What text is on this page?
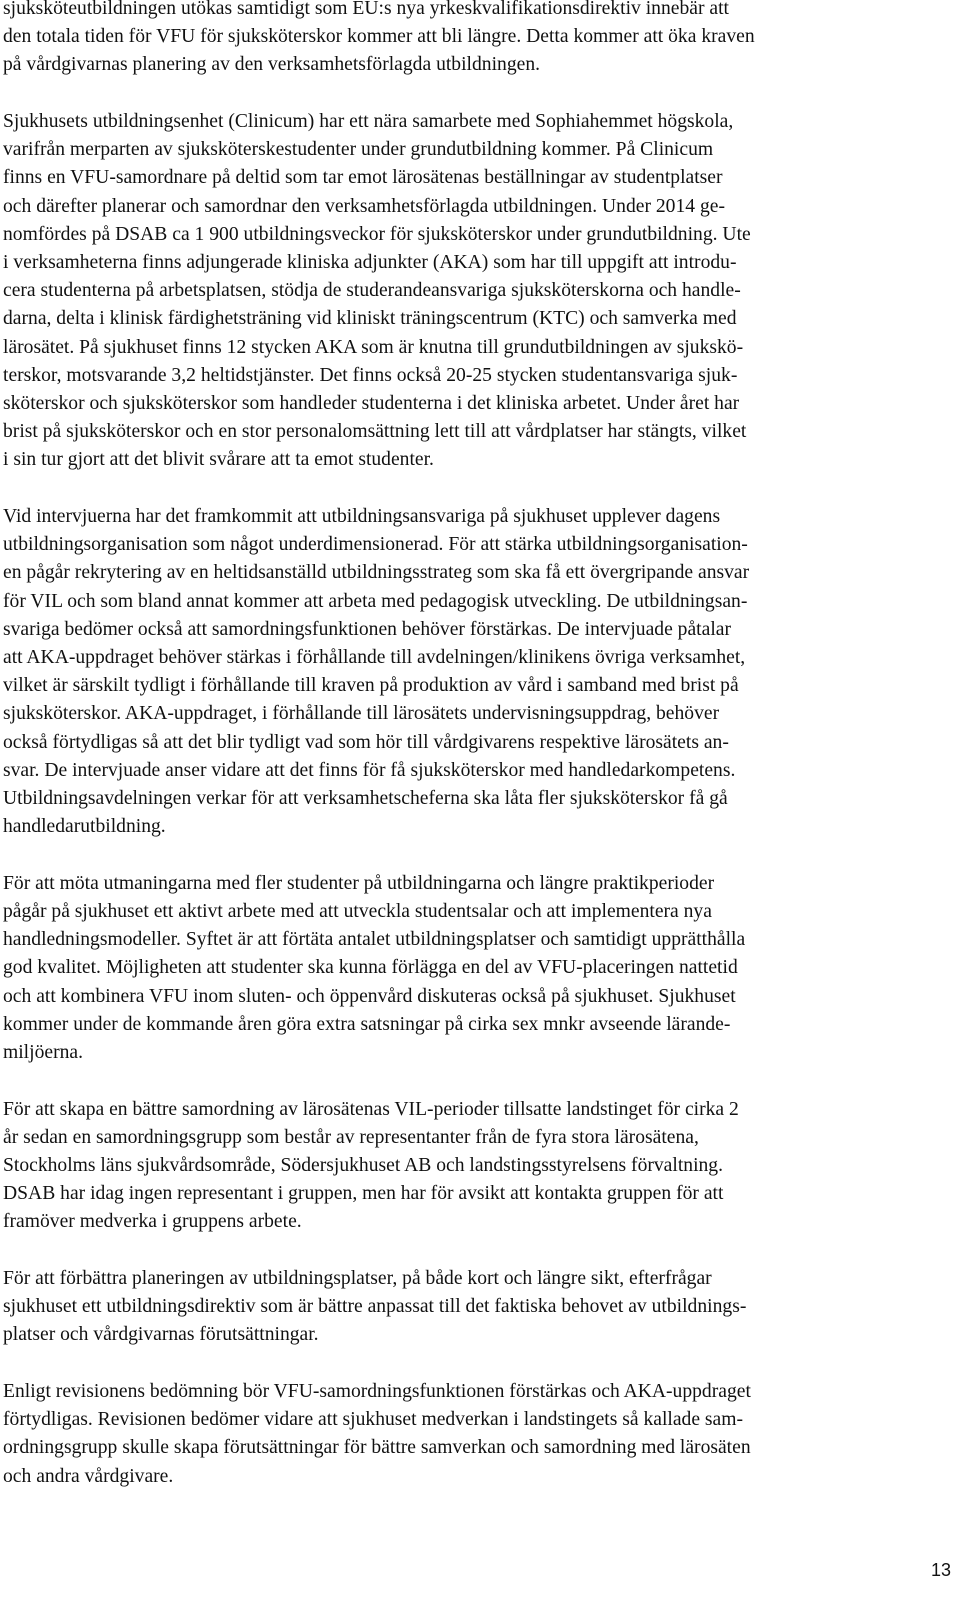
sjuksköteutbildningen utökas samtidigt som EU:s nya yrkeskvalifikationsdirektiv innebär att
den totala tiden för VFU för sjuksköterskor kommer att bli längre. Detta kommer att öka kraven
på vårdgivarnas planering av den verksamhetsförlagda utbildningen.

Sjukhusets utbildningsenhet (Clinicum) har ett nära samarbete med Sophiahemmet högskola,
varifrån merparten av sjuksköterskestudenter under grundutbildning kommer. På Clinicum
finns en VFU-samordnare på deltid som tar emot lärosätenas beställningar av studentplatser
och därefter planerar och samordnar den verksamhetsförlagda utbildningen. Under 2014 ge-
nomfördes på DSAB ca 1 900 utbildningsveckor för sjuksköterskor under grundutbildning. Ute
i verksamheterna finns adjungerade kliniska adjunkter (AKA) som har till uppgift att introdu-
cera studenterna på arbetsplatsen, stödja de studerandeansvariga sjuksköterskorna och handle-
darna, delta i klinisk färdighetsträning vid kliniskt träningscentrum (KTC) och samverka med
lärosätet. På sjukhuset finns 12 stycken AKA som är knutna till grundutbildningen av sjukskö-
terskor, motsvarande 3,2 heltidstjänster. Det finns också 20-25 stycken studentansvariga sjuk-
sköterskor och sjuksköterskor som handleder studenterna i det kliniska arbetet. Under året har
brist på sjuksköterskor och en stor personalomsättning lett till att vårdplatser har stängts, vilket
i sin tur gjort att det blivit svårare att ta emot studenter.

Vid intervjuerna har det framkommit att utbildningsansvariga på sjukhuset upplever dagens
utbildningsorganisation som något underdimensionerad. För att stärka utbildningsorganisation-
en pågår rekrytering av en heltidsanställd utbildningsstrateg som ska få ett övergripande ansvar
för VIL och som bland annat kommer att arbeta med pedagogisk utveckling. De utbildningsan-
svariga bedömer också att samordningsfunktionen behöver förstärkas. De intervjuade påtalar
att AKA-uppdraget behöver stärkas i förhållande till avdelningen/klinikens övriga verksamhet,
vilket är särskilt tydligt i förhållande till kraven på produktion av vård i samband med brist på
sjuksköterskor. AKA-uppdraget, i förhållande till lärosätets undervisningsuppdrag, behöver
också förtydligas så att det blir tydligt vad som hör till vårdgivarens respektive lärosätets an-
svar. De intervjuade anser vidare att det finns för få sjuksköterskor med handledarkompetens.
Utbildningsavdelningen verkar för att verksamhetscheferna ska låta fler sjuksköterskor få gå
handledarutbildning.

För att möta utmaningarna med fler studenter på utbildningarna och längre praktikperioder
pågår på sjukhuset ett aktivt arbete med att utveckla studentsalar och att implementera nya
handledningsmodeller. Syftet är att förtäta antalet utbildningsplatser och samtidigt upprätthålla
god kvalitet. Möjligheten att studenter ska kunna förlägga en del av VFU-placeringen nattetid
och att kombinera VFU inom sluten- och öppenvård diskuteras också på sjukhuset. Sjukhuset
kommer under de kommande åren göra extra satsningar på cirka sex mnkr avseende lärande-
miljöerna.

För att skapa en bättre samordning av lärosätenas VIL-perioder tillsatte landstinget för cirka 2
år sedan en samordningsgrupp som består av representanter från de fyra stora lärosätena,
Stockholms läns sjukvårdsområde, Södersjukhuset AB och landstingsstyrelsens förvaltning.
DSAB har idag ingen representant i gruppen, men har för avsikt att kontakta gruppen för att
framöver medverka i gruppens arbete.

För att förbättra planeringen av utbildningsplatser, på både kort och längre sikt, efterfrågar
sjukhuset ett utbildningsdirektiv som är bättre anpassat till det faktiska behovet av utbildnings-
platser och vårdgivarnas förutsättningar.

Enligt revisionens bedömning bör VFU-samordningsfunktionen förstärkas och AKA-uppdraget
förtydligas. Revisionen bedömer vidare att sjukhuset medverkan i landstingets så kallade sam-
ordningsgrupp skulle skapa förutsättningar för bättre samverkan och samordning med lärosäten
och andra vårdgivare.

13
